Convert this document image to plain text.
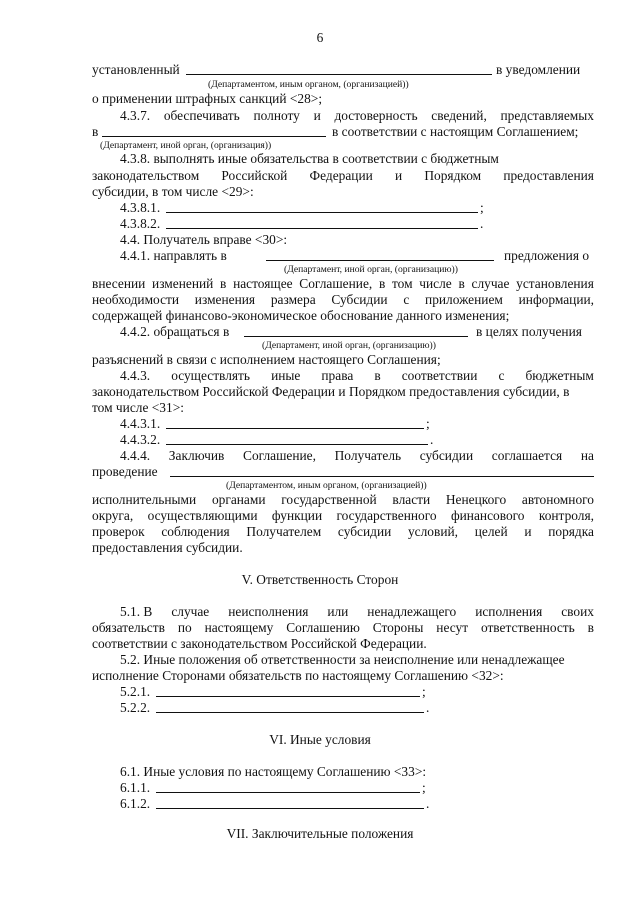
6
установленный	в уведомлении
(Департаментом, иным органом, (организацией))
о применении штрафных санкций <28>;
4.3.7. обеспечивать полноту и достоверность сведений, представляемых
в	в соответствии с настоящим Соглашением;
(Департамент, иной орган, (организация))
4.3.8. выполнять иные обязательства в соответствии с бюджетным
законодательством Российской Федерации и Порядком предоставления
субсидии, в том числе <29>:
4.3.8.1.	;
4.3.8.2.	.
4.4. Получатель вправе <30>:
4.4.1. направлять в	предложения о
(Департамент, иной орган, (организацию))
внесении изменений в настоящее Соглашение, в том числе в случае установления
необходимости изменения размера Субсидии с приложением информации,
содержащей финансово-экономическое обоснование данного изменения;
4.4.2. обращаться в	в целях получения
(Департамент, иной орган, (организацию))
разъяснений в связи с исполнением настоящего Соглашения;
4.4.3. осуществлять иные права в соответствии с бюджетным
законодательством Российской Федерации и Порядком предоставления субсидии, в
том числе <31>:
4.4.3.1.	;
4.4.3.2.	.
4.4.4. Заключив Соглашение, Получатель субсидии соглашается на
проведение
(Департаментом, иным органом, (организацией))
исполнительными органами государственной власти Ненецкого автономного
округа, осуществляющими функции государственного финансового контроля,
проверок соблюдения Получателем субсидии условий, целей и порядка
предоставления субсидии.
V. Ответственность Сторон
5.1. В случае неисполнения или ненадлежащего исполнения своих
обязательств по настоящему Соглашению Стороны несут ответственность в
соответствии с законодательством Российской Федерации.
5.2. Иные положения об ответственности за неисполнение или ненадлежащее
исполнение Сторонами обязательств по настоящему Соглашению <32>:
5.2.1.	;
5.2.2.	.
VI. Иные условия
6.1. Иные условия по настоящему Соглашению <33>:
6.1.1.	;
6.1.2.	.
VII. Заключительные положения
